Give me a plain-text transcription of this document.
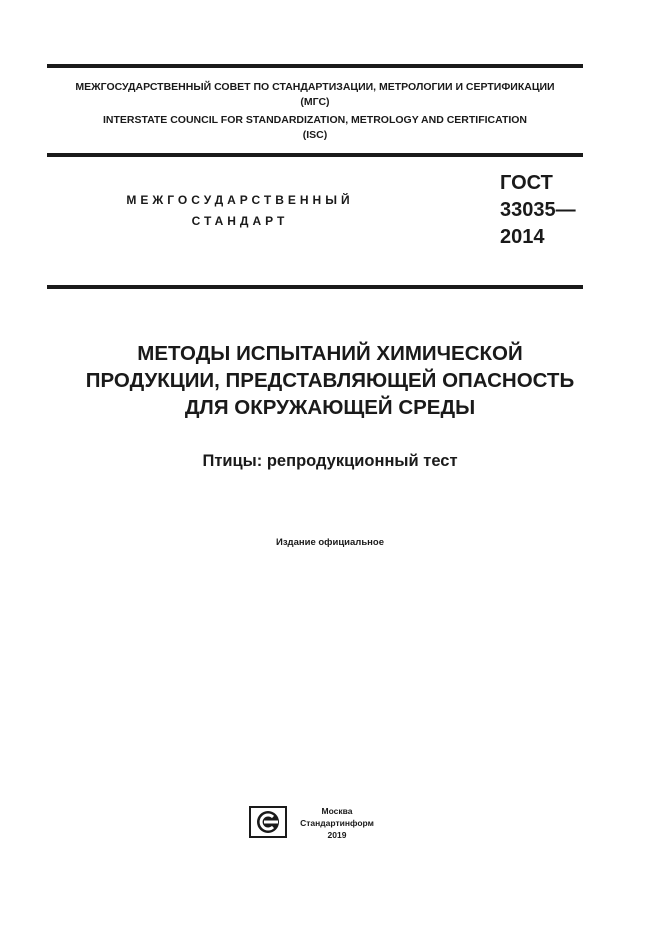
МЕЖГОСУДАРСТВЕННЫЙ СОВЕТ ПО СТАНДАРТИЗАЦИИ, МЕТРОЛОГИИ И СЕРТИФИКАЦИИ
(МГС)
INTERSTATE COUNCIL FOR STANDARDIZATION, METROLOGY AND CERTIFICATION
(ISC)
МЕЖГОСУДАРСТВЕННЫЙ
СТАНДАРТ
ГОСТ
33035—
2014
МЕТОДЫ ИСПЫТАНИЙ ХИМИЧЕСКОЙ
ПРОДУКЦИИ, ПРЕДСТАВЛЯЮЩЕЙ ОПАСНОСТЬ
ДЛЯ ОКРУЖАЮЩЕЙ СРЕДЫ
Птицы: репродукционный тест
Издание официальное
Москва
Стандартинформ
2019
